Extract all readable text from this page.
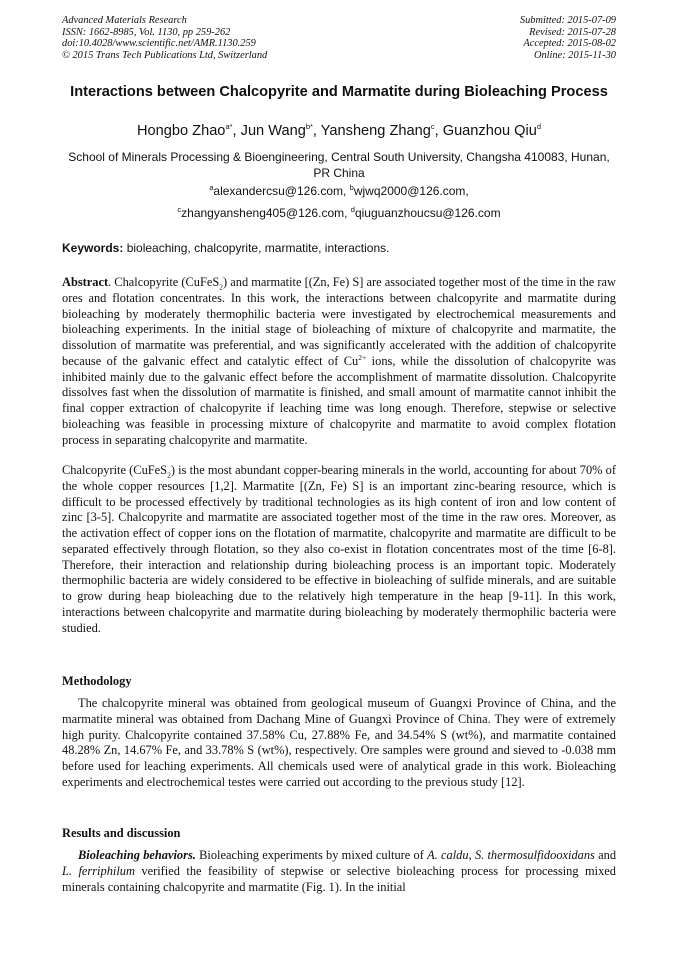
Advanced Materials Research
ISSN: 1662-8985, Vol. 1130, pp 259-262
doi:10.4028/www.scientific.net/AMR.1130.259
© 2015 Trans Tech Publications Ltd, Switzerland
Submitted: 2015-07-09
Revised: 2015-07-28
Accepted: 2015-08-02
Online: 2015-11-30
Interactions between Chalcopyrite and Marmatite during Bioleaching Process
Hongbo Zhao$^{a*}$, Jun Wang$^{b*}$, Yansheng Zhang$^c$, Guanzhou Qiu$^d$
School of Minerals Processing & Bioengineering, Central South University, Changsha 410083, Hunan, PR China
$^a$alexandercsu@126.com, $^b$wjwq2000@126.com,
$^c$zhangyansheng405@126.com, $^d$qiuguanzhoucsu@126.com
Keywords: bioleaching, chalcopyrite, marmatite, interactions.

Abstract. Chalcopyrite (CuFeS$_2$) and marmatite [(Zn, Fe) S] are associated together most of the time in the raw ores and flotation concentrates. In this work, the interactions between chalcopyrite and marmatite during bioleaching by moderately thermophilic bacteria were investigated by electrochemical measurements and bioleaching experiments. In the initial stage of bioleaching of mixture of chalcopyrite and marmatite, the dissolution of marmatite was preferential, and was significantly accelerated with the addition of chalcopyrite because of the galvanic effect and catalytic effect of $Cu^{2+}$ ions, while the dissolution of chalcopyrite was inhibited mainly due to the galvanic effect before the accomplishment of marmatite dissolution. Chalcopyrite dissolves fast when the dissolution of marmatite is finished, and small amount of marmatite cannot inhibit the final copper extraction of chalcopyrite if leaching time was long enough. Therefore, stepwise or selective bioleaching was feasible in processing mixture of chalcopyrite and marmatite to avoid complex flotation process in separating chalcopyrite and marmatite.

Chalcopyrite (CuFeS$_2$) is the most abundant copper-bearing minerals in the world, accounting for about 70% of the whole copper resources [1,2]. Marmatite [(Zn, Fe) S] is an important zinc-bearing resource, which is difficult to be processed effectively by traditional technologies as its high content of iron and low content of zinc [3-5]. Chalcopyrite and marmatite are associated together most of the time in the raw ores. Moreover, as the activation effect of copper ions on the flotation of marmatite, chalcopyrite and marmatite are difficult to be separated effectively through flotation, so they also co-exist in flotation concentrates most of the time [6-8]. Therefore, their interaction and relationship during bioleaching process is an important topic. Moderately thermophilic bacteria are widely considered to be effective in bioleaching of sulfide minerals, and are suitable to grow during heap bioleaching due to the relatively high temperature in the heap [9-11]. In this work, interactions between chalcopyrite and marmatite during bioleaching by moderately thermophilic bacteria were studied.

Methodology

The chalcopyrite mineral was obtained from geological museum of Guangxi Province of China, and the marmatite mineral was obtained from Dachang Mine of Guangxi Province of China. They were of extremely high purity. Chalcopyrite contained 37.58% Cu, 27.88% Fe, and 34.54% S (wt%), and marmatite contained 48.28% Zn, 14.67% Fe, and 33.78% S (wt%), respectively. Ore samples were ground and sieved to -0.038 mm before used for leaching experiments. All chemicals used were of analytical grade in this work. Bioleaching experiments and electrochemical testes were carried out according to the previous study [12].

Results and discussion

Bioleaching behaviors. Bioleaching experiments by mixed culture of A. caldu, S. thermosulfidooxidans and L. ferriphilum verified the feasibility of stepwise or selective bioleaching process for processing mixed minerals containing chalcopyrite and marmatite (Fig. 1). In the initial
